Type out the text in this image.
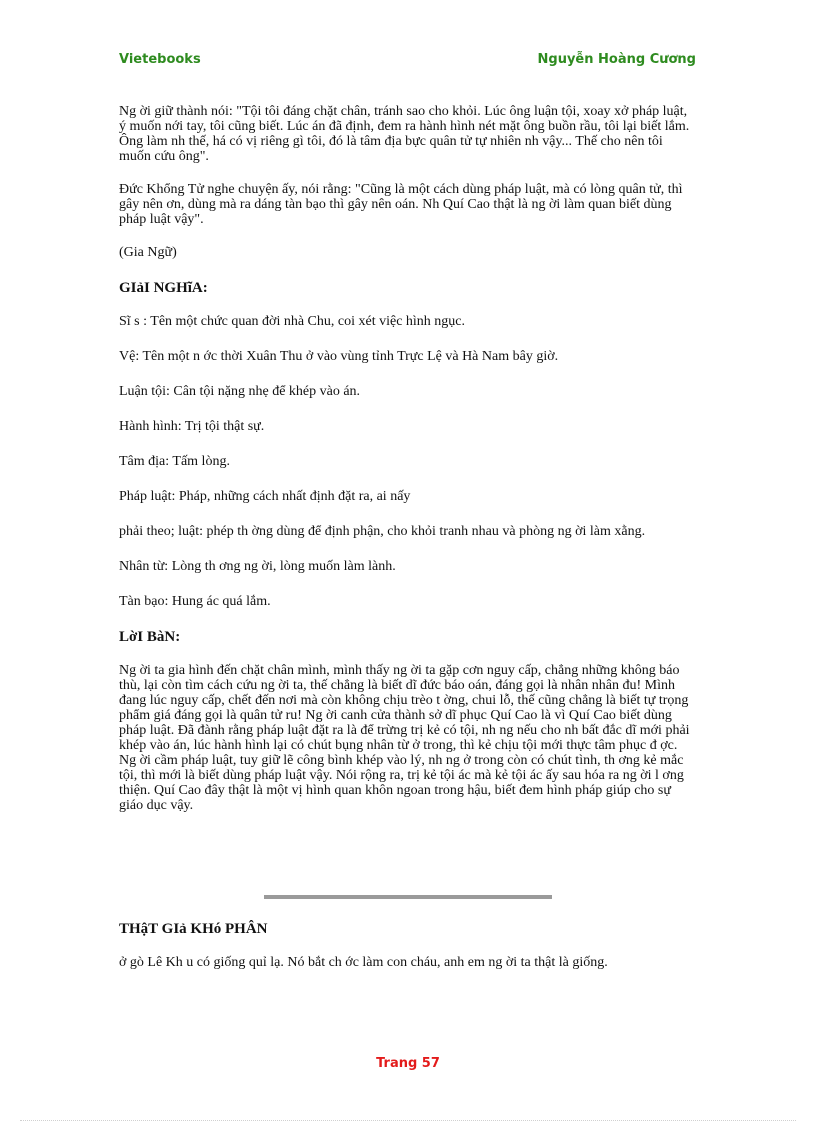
Vietebooks	Nguyễn Hoàng Cương

Ng ời giữ thành nói: "Tội tôi đáng chặt chân, tránh sao cho khỏi. Lúc ông luận tội, xoay xở pháp luật, ý muốn nới tay, tôi cũng biết. Lúc án đã định, đem ra hành hình nét mặt ông buồn rầu, tôi lại biết lắm. Ông làm nh thế, há có vị riêng gì tôi, đó là tâm địa bực quân tử tự nhiên nh vậy... Thế cho nên tôi muốn cứu ông".

Đức Khổng Tử nghe chuyện ấy, nói rằng: "Cũng là một cách dùng pháp luật, mà có lòng quân tử, thì gây nên ơn, dùng mà ra dáng tàn bạo thì gây nên oán. Nh Quí Cao thật là ng ời làm quan biết dùng pháp luật vậy".

(Gia Ngữ)

GIảI NGHĩA:

Sĩ s : Tên một chức quan đời nhà Chu, coi xét việc hình ngục.

Vệ: Tên một n ớc thời Xuân Thu ở vào vùng tỉnh Trực Lệ và Hà Nam bây giờ.

Luận tội: Cân tội nặng nhẹ để khép vào án.

Hành hình: Trị tội thật sự.

Tâm địa: Tấm lòng.

Pháp luật: Pháp, những cách nhất định đặt ra, ai nấy

phải theo; luật: phép th ờng dùng để định phận, cho khỏi tranh nhau và phòng ng ời làm xằng.

Nhân từ: Lòng th ơng ng ời, lòng muốn làm lành.

Tàn bạo: Hung ác quá lắm.

LờI BàN:

Ng ời ta gia hình đến chặt chân mình, mình thấy ng ời ta gặp cơn nguy cấp, chẳng những không báo thù, lại còn tìm cách cứu ng ời ta, thế chẳng là biết dĩ đức báo oán, đáng gọi là nhân nhân đu! Mình đang lúc nguy cấp, chết đến nơi mà còn không chịu trèo t ờng, chui lỗ, thế cũng chẳng là biết tự trọng phẩm giá đáng gọi là quân tử ru! Ng ời canh cửa thành sở dĩ phục Quí Cao là vì Quí Cao biết dùng pháp luật. Đã đành rằng pháp luật đặt ra là để trừng trị kẻ có tội, nh ng nếu cho nh bất đắc dĩ mới phải khép vào án, lúc hành hình lại có chút bụng nhân từ ở trong, thì kẻ chịu tội mới thực tâm phục đ ợc. Ng ời cầm pháp luật, tuy giữ lẽ công bình khép vào lý, nh ng ở trong còn có chút tình, th ơng kẻ mắc tội, thì mới là biết dùng pháp luật vậy. Nói rộng ra, trị kẻ tội ác mà kẻ tội ác ấy sau hóa ra ng ời l ơng thiện. Quí Cao đây thật là một vị hình quan khôn ngoan trong hậu, biết đem hình pháp giúp cho sự giáo dục vậy.

THậT GIả KHó PHÂN

ở gò Lê Kh u có giống quỉ lạ. Nó bắt ch ớc làm con cháu, anh em ng ời ta thật là giống.

Trang 57
